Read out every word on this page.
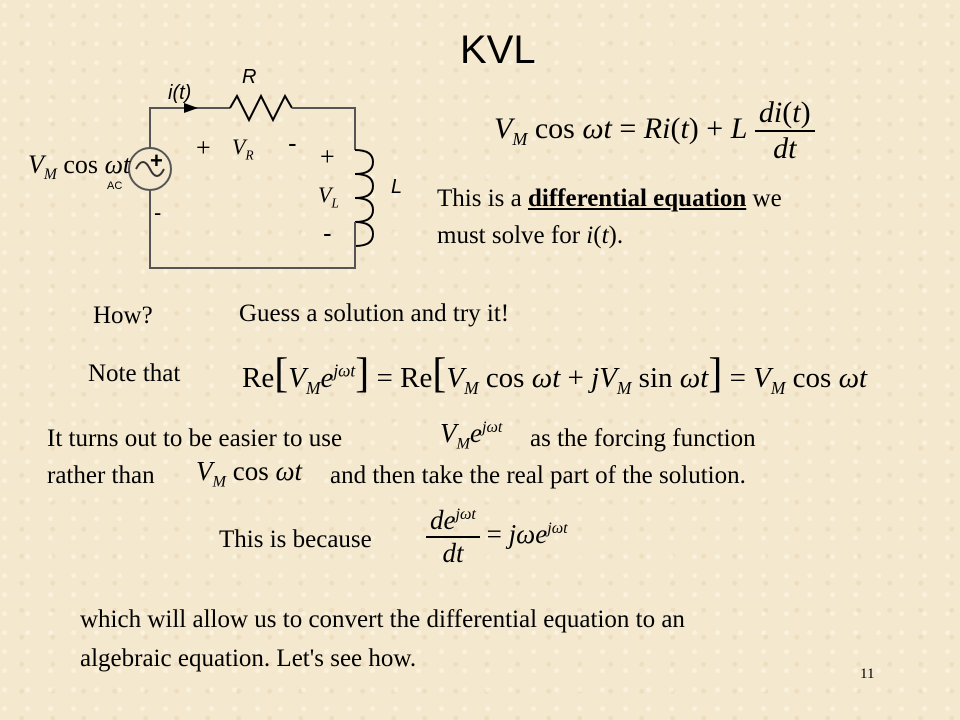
KVL
i(t)
R
L
AC
+
-
$V_M$ cos ωt
+ $V_R$ - +
$V_L$
-
$V_M$ cos ωt = Ri(t) + L $\frac{di(t)}{dt}$
This is a differential equation we
must solve for i(t).
How?	Guess a solution and try it!
Note that $Re[V_Me^{j\omega t}] = Re[V_M$ $\cos \omega t + jV_M$ $\sin \omega t] = V_M$ cos ωt
It turns out to be easier to use	$V_Me^{j\omega t}$ as the forcing function
rather than $V_M$ cos ωt and then take the real part of the solution.
This is because $\frac{de^{j\omega t}}{dt} = j\omega e^{j\omega t}$
which will allow us to convert the differential equation to an
algebraic equation. Let's see how.
11
